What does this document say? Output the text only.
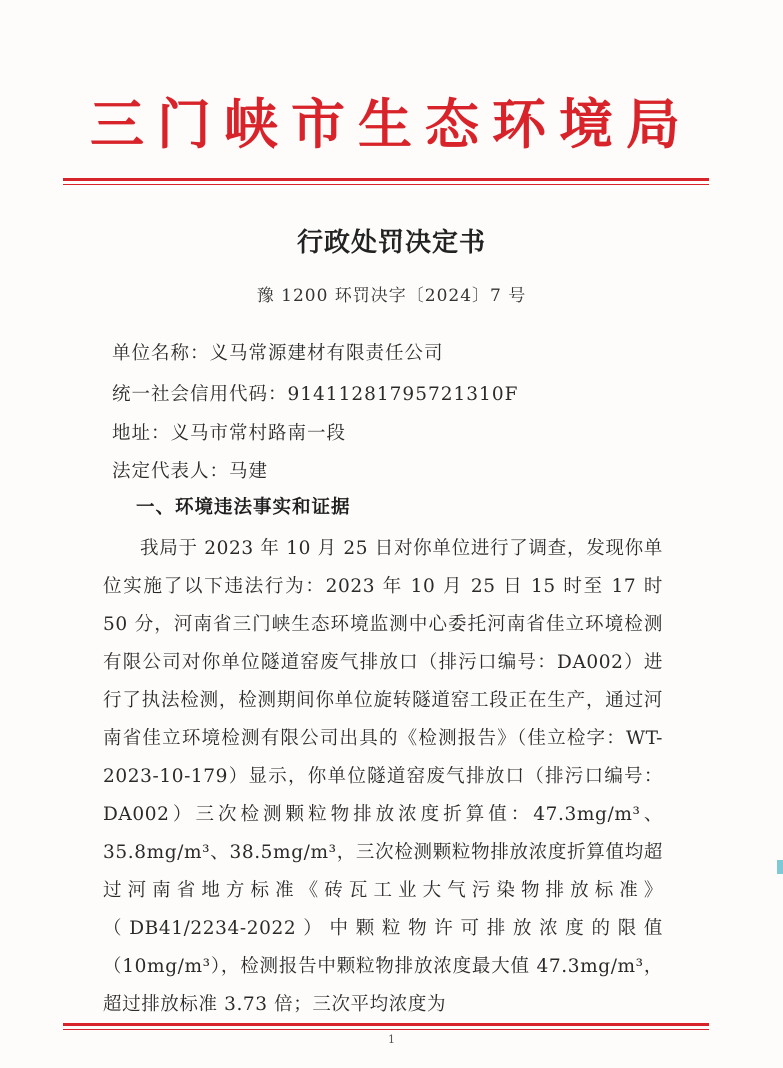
三门峡市生态环境局
行政处罚决定书
豫 1200 环罚决字〔2024〕7 号
单位名称：义马常源建材有限责任公司
统一社会信用代码：91411281795721310F
地址：义马市常村路南一段
法定代表人：马建
一、环境违法事实和证据

我局于 2023 年 10 月 25 日对你单位进行了调查，发现你单位实施了以下违法行为：2023 年 10 月 25 日 15 时至 17 时 50 分，河南省三门峡生态环境监测中心委托河南省佳立环境检测有限公司对你单位隧道窑废气排放口（排污口编号：DA002）进行了执法检测，检测期间你单位旋转隧道窑工段正在生产，通过河南省佳立环境检测有限公司出具的《检测报告》（佳立检字：WT-2023-10-179）显示，你单位隧道窑废气排放口（排污口编号：DA002）三次检测颗粒物排放浓度折算值：47.3mg/m³、35.8mg/m³、38.5mg/m³，三次检测颗粒物排放浓度折算值均超过河南省地方标准《砖瓦工业大气污染物排放标准》（DB41/2234-2022）中颗粒物许可排放浓度的限值（10mg/m³），检测报告中颗粒物排放浓度最大值 47.3mg/m³，超过排放标准 3.73 倍；三次平均浓度为

1
